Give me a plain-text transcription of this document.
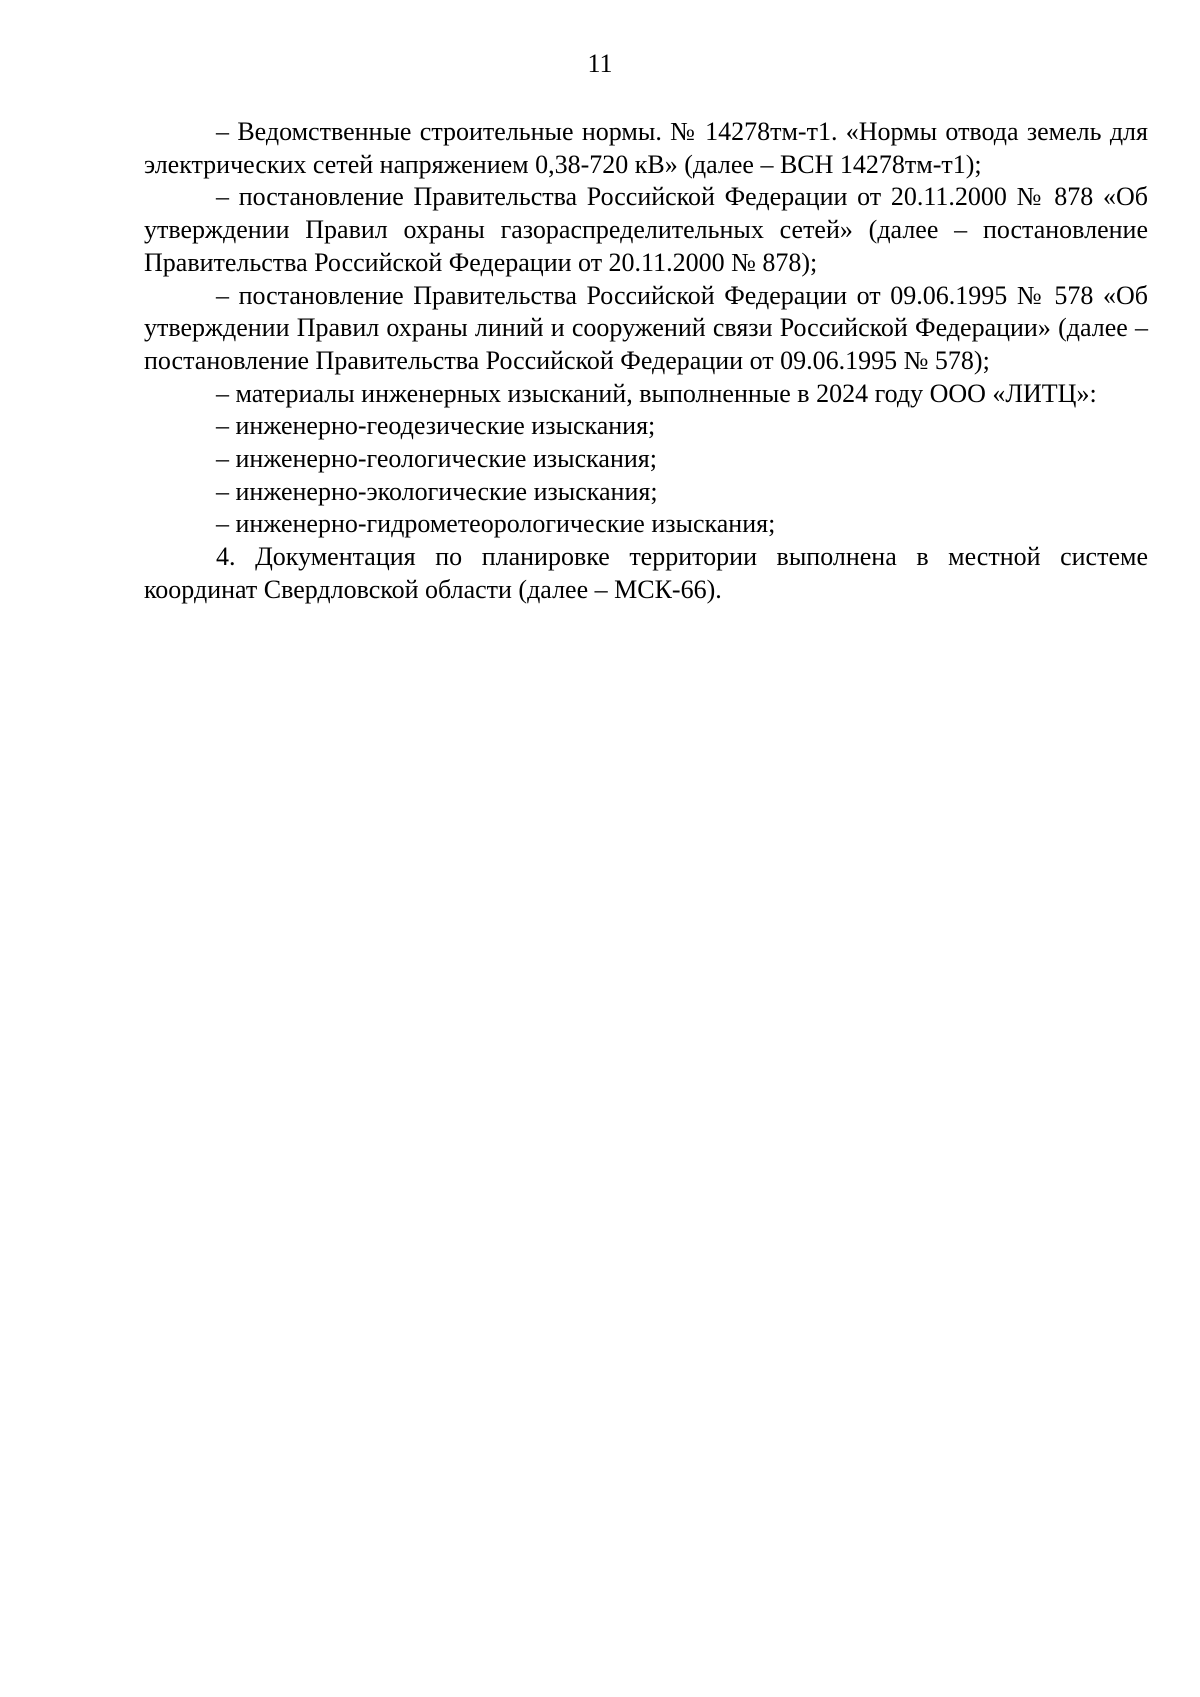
11

– Ведомственные строительные нормы. № 14278тм-т1. «Нормы отвода земель для электрических сетей напряжением 0,38-720 кВ» (далее – ВСН 14278тм-т1);

– постановление Правительства Российской Федерации от 20.11.2000 № 878 «Об утверждении Правил охраны газораспределительных сетей» (далее – постановление Правительства Российской Федерации от 20.11.2000 № 878);

– постановление Правительства Российской Федерации от 09.06.1995 № 578 «Об утверждении Правил охраны линий и сооружений связи Российской Федерации» (далее – постановление Правительства Российской Федерации от 09.06.1995 № 578);

– материалы инженерных изысканий, выполненные в 2024 году ООО «ЛИТЦ»:

– инженерно-геодезические изыскания;

– инженерно-геологические изыскания;

– инженерно-экологические изыскания;

– инженерно-гидрометеорологические изыскания;

4. Документация по планировке территории выполнена в местной системе координат Свердловской области (далее – МСК-66).
